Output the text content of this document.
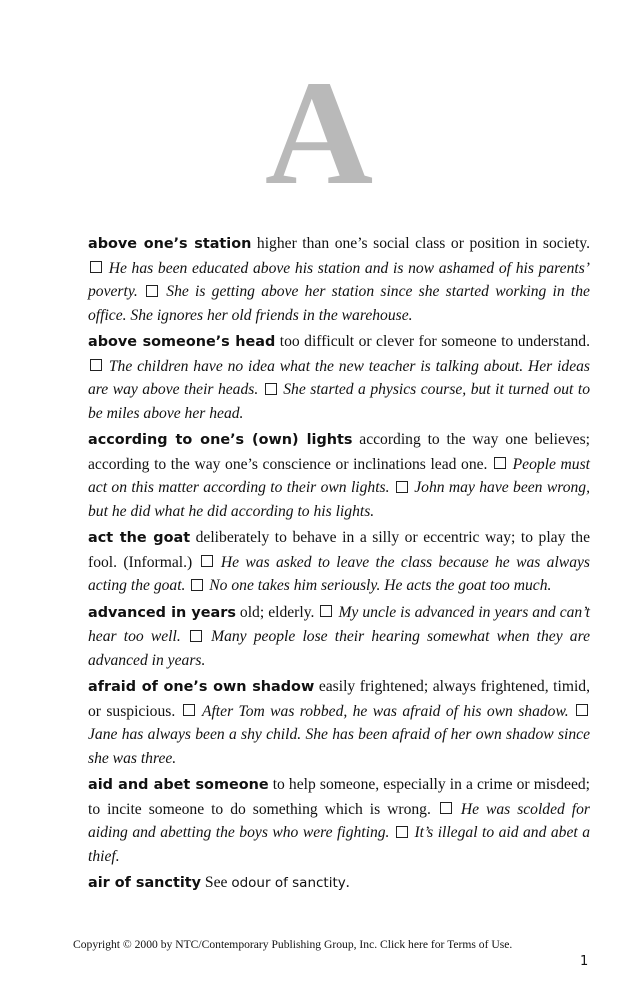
A

above one’s station higher than one’s social class or position in society.  He has been educated above his station and is now ashamed of his parents’ poverty. She is getting above her station since she started working in the office. She ignores her old friends in the warehouse.

above someone’s head too difficult or clever for someone to understand.  The children have no idea what the new teacher is talking about. Her ideas are way above their heads. She started a physics course, but it turned out to be miles above her head.

according to one’s (own) lights according to the way one believes; according to the way one’s conscience or inclinations lead one.  People must act on this matter according to their own lights. John may have been wrong, but he did what he did according to his lights.

act the goat deliberately to behave in a silly or eccentric way; to play the fool. (Informal.)  He was asked to leave the class because he was always acting the goat. No one takes him seriously. He acts the goat too much.

advanced in years old; elderly.  My uncle is advanced in years and can’t hear too well. Many people lose their hearing somewhat when they are advanced in years.

afraid of one’s own shadow easily frightened; always frightened, timid, or suspicious.  After Tom was robbed, he was afraid of his own shadow.  Jane has always been a shy child. She has been afraid of her own shadow since she was three.

aid and abet someone to help someone, especially in a crime or misdeed; to incite someone to do something which is wrong.  He was scolded for aiding and abetting the boys who were fighting. It’s illegal to aid and abet a thief.

air of sanctity See odour of sanctity.

Copyright © 2000 by NTC/Contemporary Publishing Group, Inc. Click here for Terms of Use.
1
